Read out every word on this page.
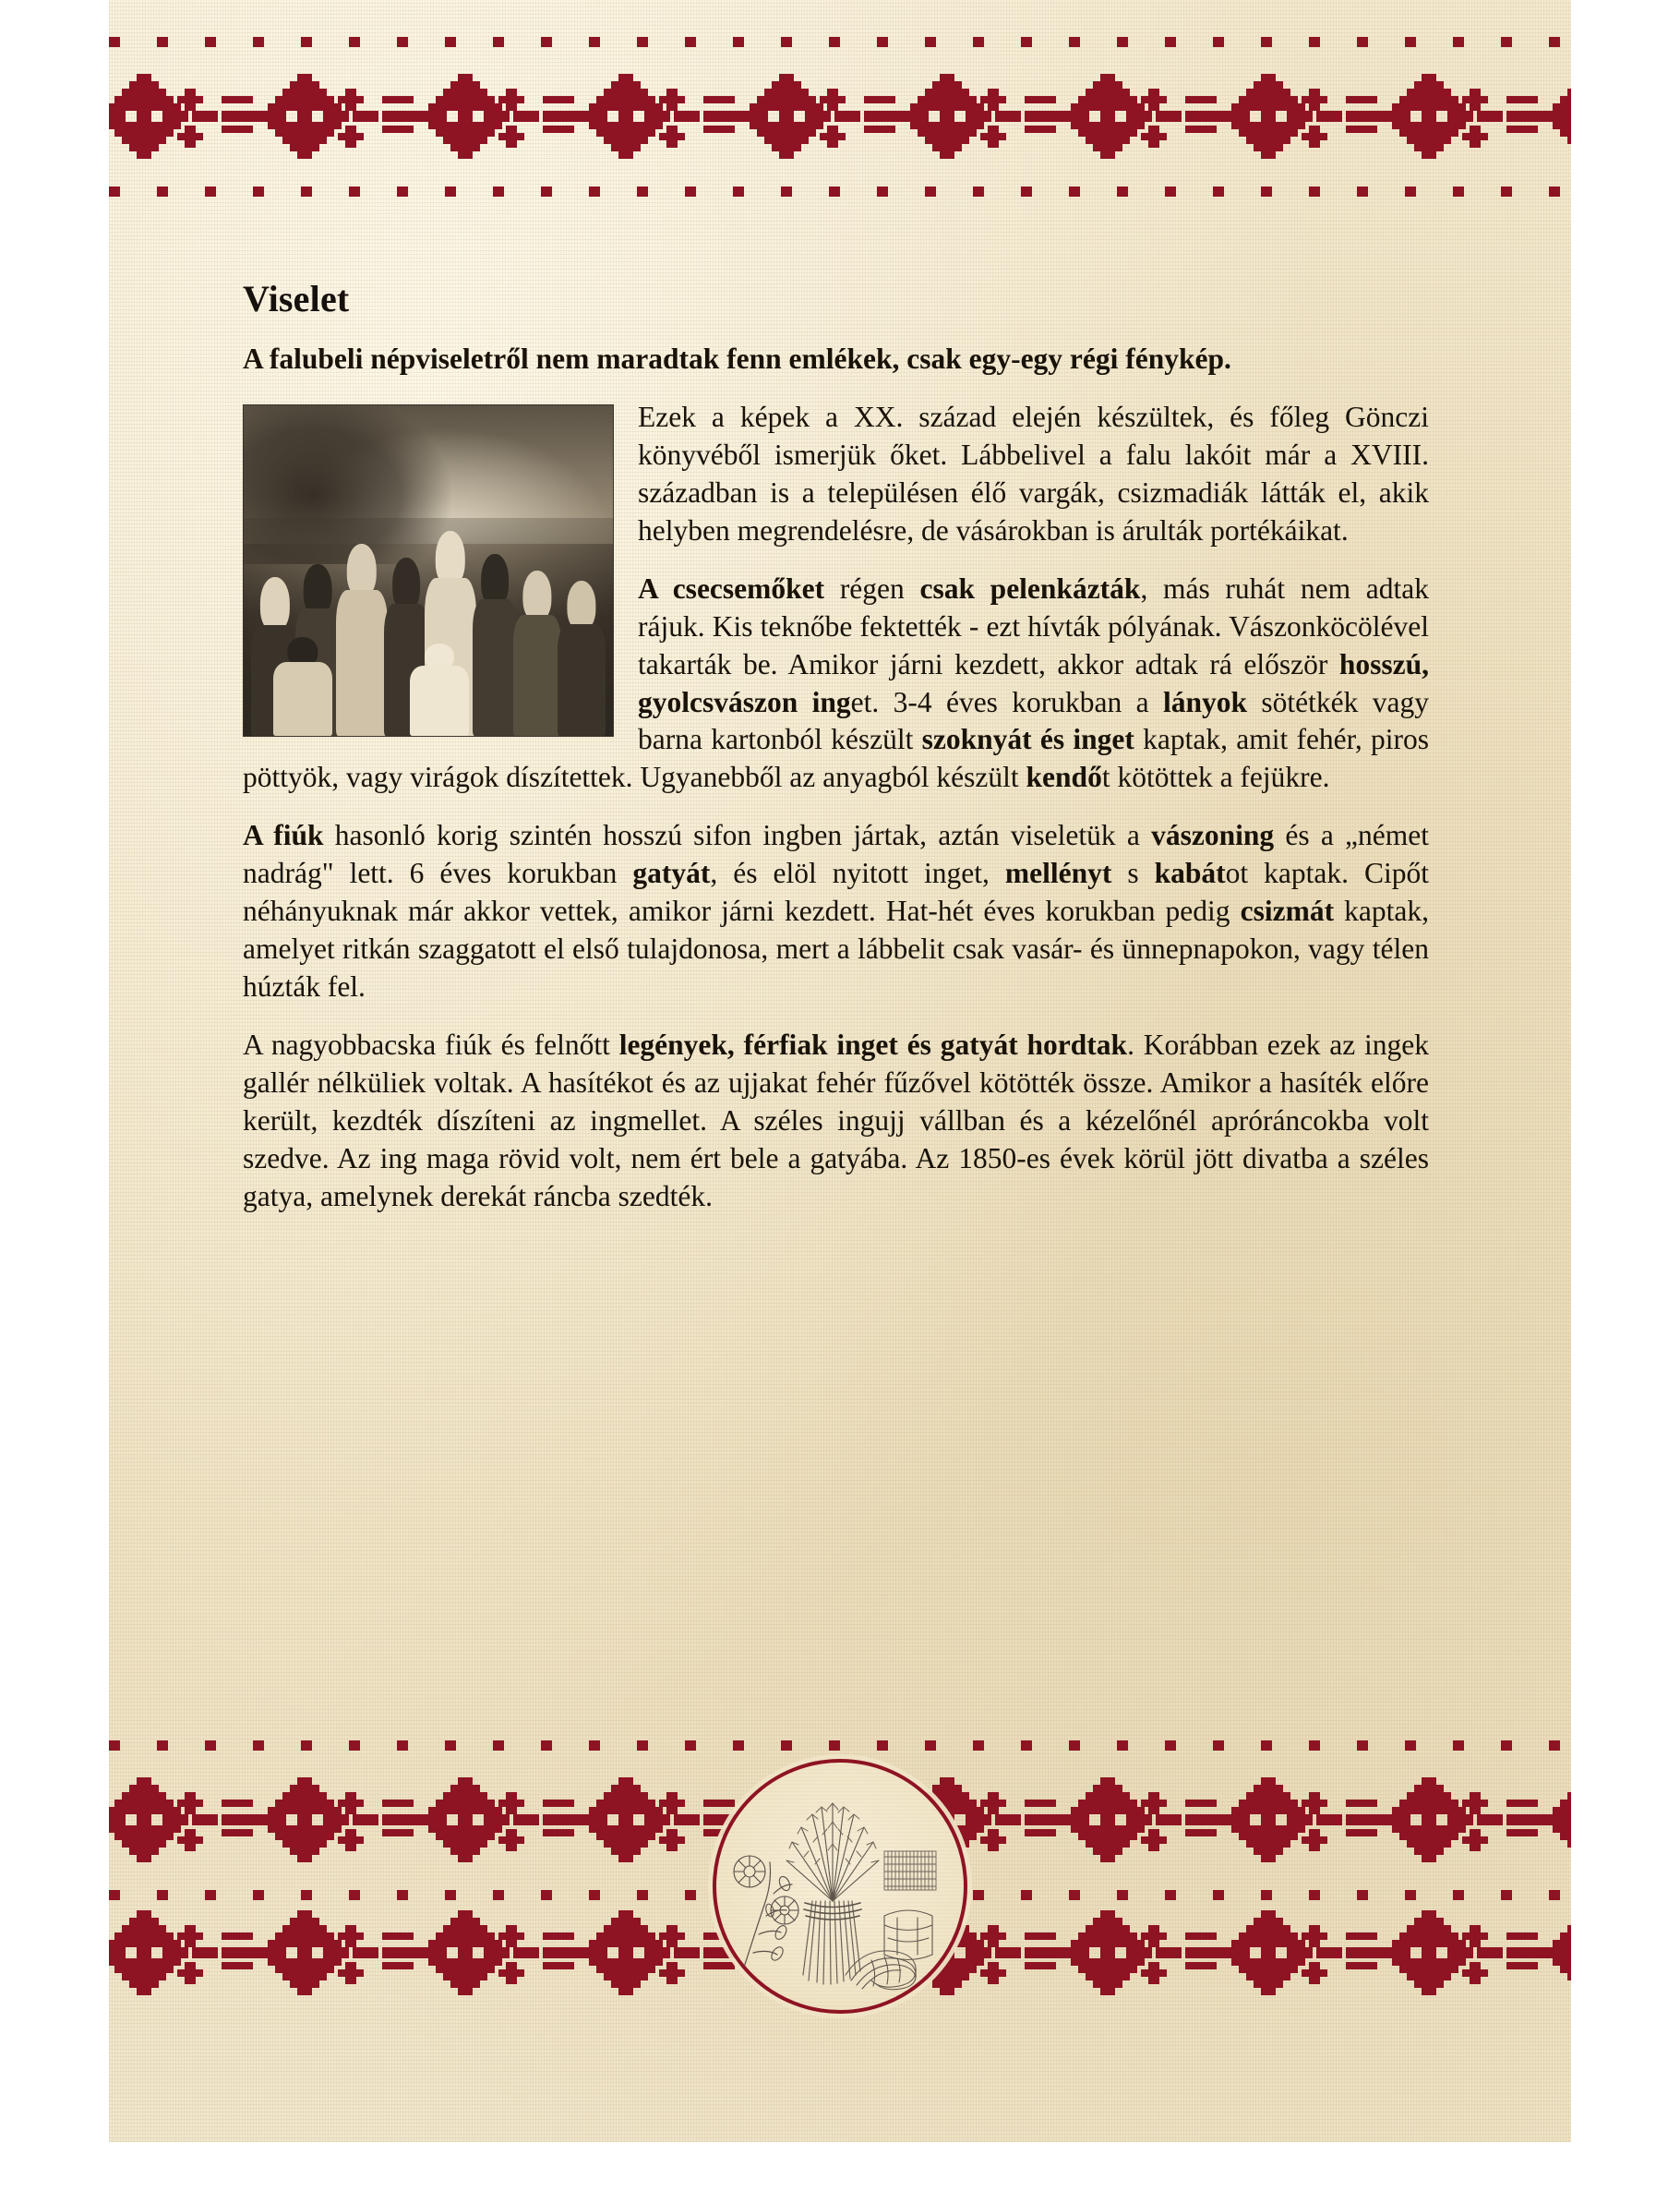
Viselet

A falubeli népviseletről nem maradtak fenn emlékek, csak egy-egy régi fénykép.

Ezek a képek a XX. század elején készültek, és főleg Gönczi könyvéből ismerjük őket. Lábbelivel a falu lakóit már a XVIII. században is a településen élő vargák, csizmadiák látták el, akik helyben megrendelésre, de vásárokban is árulták portékáikat.

A csecsemőket régen csak pelenkázták, más ruhát nem adtak rájuk. Kis teknőbe fektették - ezt hívták pólyának. Vászonköcölével takarták be. Amikor járni kezdett, akkor adtak rá először hosszú, gyolcsvászon inget. 3-4 éves korukban a lányok sötétkék vagy barna kartonból készült szoknyát és inget kaptak, amit fehér, piros pöttyök, vagy virágok díszítettek. Ugyanebből az anyagból készült kendőt kötöttek a fejükre.

A fiúk hasonló korig szintén hosszú sifon ingben jártak, aztán viseletük a vászoning és a „német nadrág" lett. 6 éves korukban gatyát, és elöl nyitott inget, mellényt s kabátot kaptak. Cipőt néhányuknak már akkor vettek, amikor járni kezdett. Hat-hét éves korukban pedig csizmát kaptak, amelyet ritkán szaggatott el első tulajdonosa, mert a lábbelit csak vasár- és ünnepnapokon, vagy télen húzták fel.

A nagyobbacska fiúk és felnőtt legények, férfiak inget és gatyát hordtak. Korábban ezek az ingek gallér nélküliek voltak. A hasítékot és az ujjakat fehér fűzővel kötötték össze. Amikor a hasíték előre került, kezdték díszíteni az ingmellet. A széles ingujj vállban és a kézelőnél apróráncokba volt szedve. Az ing maga rövid volt, nem ért bele a gatyába. Az 1850-es évek körül jött divatba a széles gatya, amelynek derekát ráncba szedték.
